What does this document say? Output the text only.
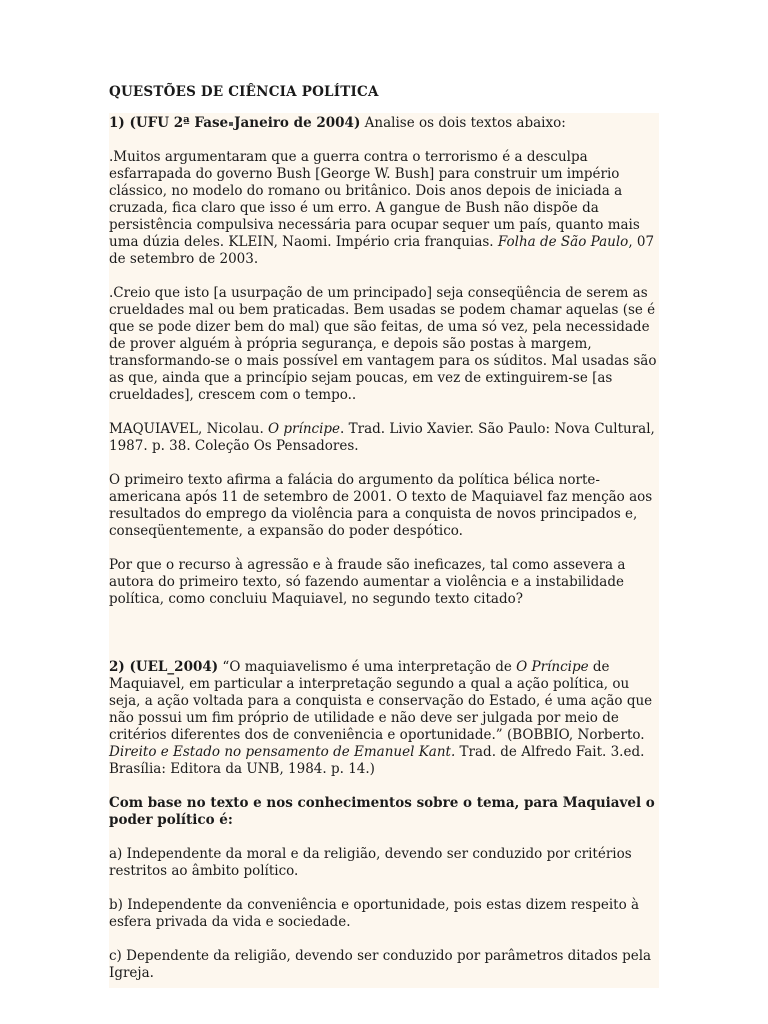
QUESTÕES DE CIÊNCIA POLÍTICA

1) (UFU 2ª Fase Janeiro de 2004) Analise os dois textos abaixo:

.Muitos argumentaram que a guerra contra o terrorismo é a desculpa esfarrapada do governo Bush [George W. Bush] para construir um império clássico, no modelo do romano ou britânico. Dois anos depois de iniciada a cruzada, fica claro que isso é um erro. A gangue de Bush não dispõe da persistência compulsiva necessária para ocupar sequer um país, quanto mais uma dúzia deles. KLEIN, Naomi. Império cria franquias. Folha de São Paulo, 07 de setembro de 2003.

.Creio que isto [a usurpação de um principado] seja conseqüência de serem as crueldades mal ou bem praticadas. Bem usadas se podem chamar aquelas (se é que se pode dizer bem do mal) que são feitas, de uma só vez, pela necessidade de prover alguém à própria segurança, e depois são postas à margem, transformando-se o mais possível em vantagem para os súditos. Mal usadas são as que, ainda que a princípio sejam poucas, em vez de extinguirem-se [as crueldades], crescem com o tempo..

MAQUIAVEL, Nicolau. O príncipe. Trad. Livio Xavier. São Paulo: Nova Cultural, 1987. p. 38. Coleção Os Pensadores.

O primeiro texto afirma a falácia do argumento da política bélica norte-americana após 11 de setembro de 2001. O texto de Maquiavel faz menção aos resultados do emprego da violência para a conquista de novos principados e, conseqüentemente, a expansão do poder despótico.

Por que o recurso à agressão e à fraude são ineficazes, tal como assevera a autora do primeiro texto, só fazendo aumentar a violência e a instabilidade política, como concluiu Maquiavel, no segundo texto citado?

2) (UEL_2004) “O maquiavelismo é uma interpretação de O Príncipe de Maquiavel, em particular a interpretação segundo a qual a ação política, ou seja, a ação voltada para a conquista e conservação do Estado, é uma ação que não possui um fim próprio de utilidade e não deve ser julgada por meio de critérios diferentes dos de conveniência e oportunidade.” (BOBBIO, Norberto. Direito e Estado no pensamento de Emanuel Kant. Trad. de Alfredo Fait. 3.ed. Brasília: Editora da UNB, 1984. p. 14.)

Com base no texto e nos conhecimentos sobre o tema, para Maquiavel o poder político é:

a) Independente da moral e da religião, devendo ser conduzido por critérios restritos ao âmbito político.

b) Independente da conveniência e oportunidade, pois estas dizem respeito à esfera privada da vida e sociedade.

c) Dependente da religião, devendo ser conduzido por parâmetros ditados pela Igreja.
